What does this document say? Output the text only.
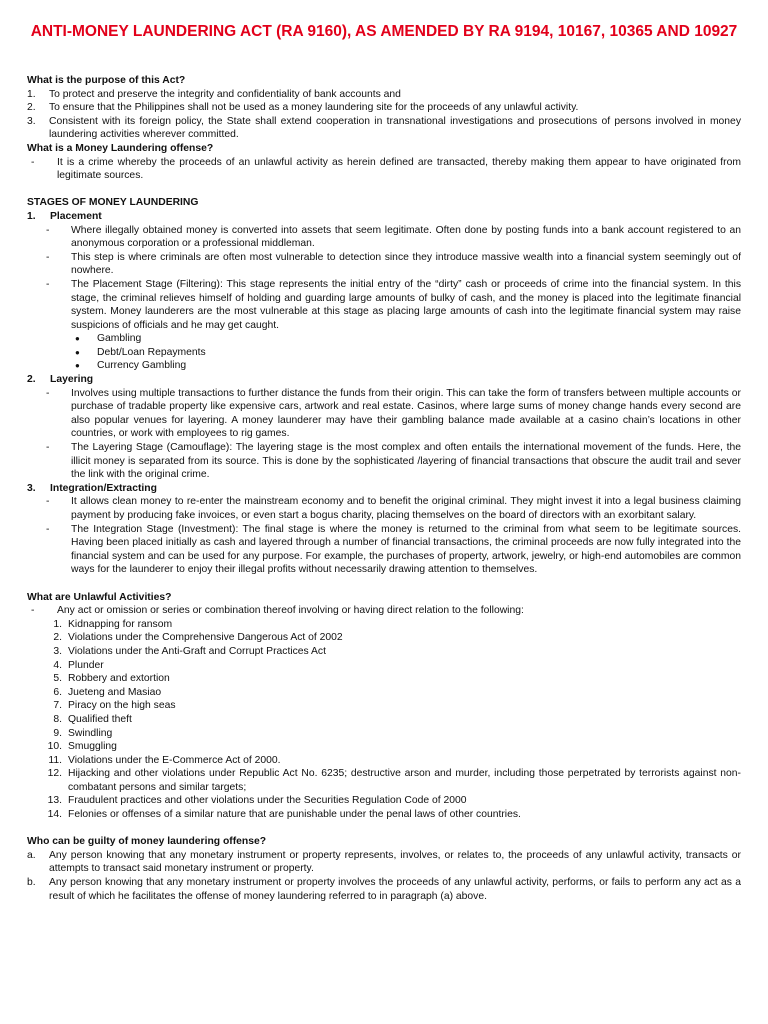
ANTI-MONEY LAUNDERING ACT (RA 9160), AS AMENDED BY RA 9194, 10167, 10365 AND 10927

What is the purpose of this Act?

1.	To protect and preserve the integrity and confidentiality of bank accounts and
2.	To ensure that the Philippines shall not be used as a money laundering site for the proceeds of any unlawful activity.
3.	Consistent with its foreign policy, the State shall extend cooperation in transnational investigations and prosecutions of persons involved in money laundering activities wherever committed.

What is a Money Laundering offense?

-	It is a crime whereby the proceeds of an unlawful activity as herein defined are transacted, thereby making them appear to have originated from legitimate sources.

STAGES OF MONEY LAUNDERING

1.	Placement
-	Where illegally obtained money is converted into assets that seem legitimate. Often done by posting funds into a bank account registered to an anonymous corporation or a professional middleman.
-	This step is where criminals are often most vulnerable to detection since they introduce massive wealth into a financial system seemingly out of nowhere.
-	The Placement Stage (Filtering): This stage represents the initial entry of the “dirty” cash or proceeds of crime into the financial system. In this stage, the criminal relieves himself of holding and guarding large amounts of bulky of cash, and the money is placed into the legitimate financial system. Money launderers are the most vulnerable at this stage as placing large amounts of cash into the legitimate financial system may raise suspicions of officials and he may get caught.
●	Gambling
●	Debt/Loan Repayments
●	Currency Gambling
2.	Layering
-	Involves using multiple transactions to further distance the funds from their origin. This can take the form of transfers between multiple accounts or purchase of tradable property like expensive cars, artwork and real estate. Casinos, where large sums of money change hands every second are also popular venues for layering. A money launderer may have their gambling balance made available at a casino chain’s locations in other countries, or work with employees to rig games.
-	The Layering Stage (Camouflage): The layering stage is the most complex and often entails the international movement of the funds. Here, the illicit money is separated from its source. This is done by the sophisticated /layering of financial transactions that obscure the audit trail and sever the link with the original crime.
3.	Integration/Extracting
-	It allows clean money to re-enter the mainstream economy and to benefit the original criminal. They might invest it into a legal business claiming payment by producing fake invoices, or even start a bogus charity, placing themselves on the board of directors with an exorbitant salary.
-	The Integration Stage (Investment): The final stage is where the money is returned to the criminal from what seem to be legitimate sources. Having been placed initially as cash and layered through a number of financial transactions, the criminal proceeds are now fully integrated into the financial system and can be used for any purpose. For example, the purchases of property, artwork, jewelry, or high-end automobiles are common ways for the launderer to enjoy their illegal profits without necessarily drawing attention to themselves.

What are Unlawful Activities?

-	Any act or omission or series or combination thereof involving or having direct relation to the following:
1. Kidnapping for ransom
2. Violations under the Comprehensive Dangerous Act of 2002
3. Violations under the Anti-Graft and Corrupt Practices Act
4. Plunder
5. Robbery and extortion
6. Jueteng and Masiao
7. Piracy on the high seas
8. Qualified theft
9. Swindling
10. Smuggling
11. Violations under the E-Commerce Act of 2000.
12. Hijacking and other violations under Republic Act No. 6235; destructive arson and murder, including those perpetrated by terrorists against non-combatant persons and similar targets;
13. Fraudulent practices and other violations under the Securities Regulation Code of 2000
14. Felonies or offenses of a similar nature that are punishable under the penal laws of other countries.

Who can be guilty of money laundering offense?

a.	Any person knowing that any monetary instrument or property represents, involves, or relates to, the proceeds of any unlawful activity, transacts or attempts to transact said monetary instrument or property.
b.	Any person knowing that any monetary instrument or property involves the proceeds of any unlawful activity, performs, or fails to perform any act as a result of which he facilitates the offense of money laundering referred to in paragraph (a) above.
